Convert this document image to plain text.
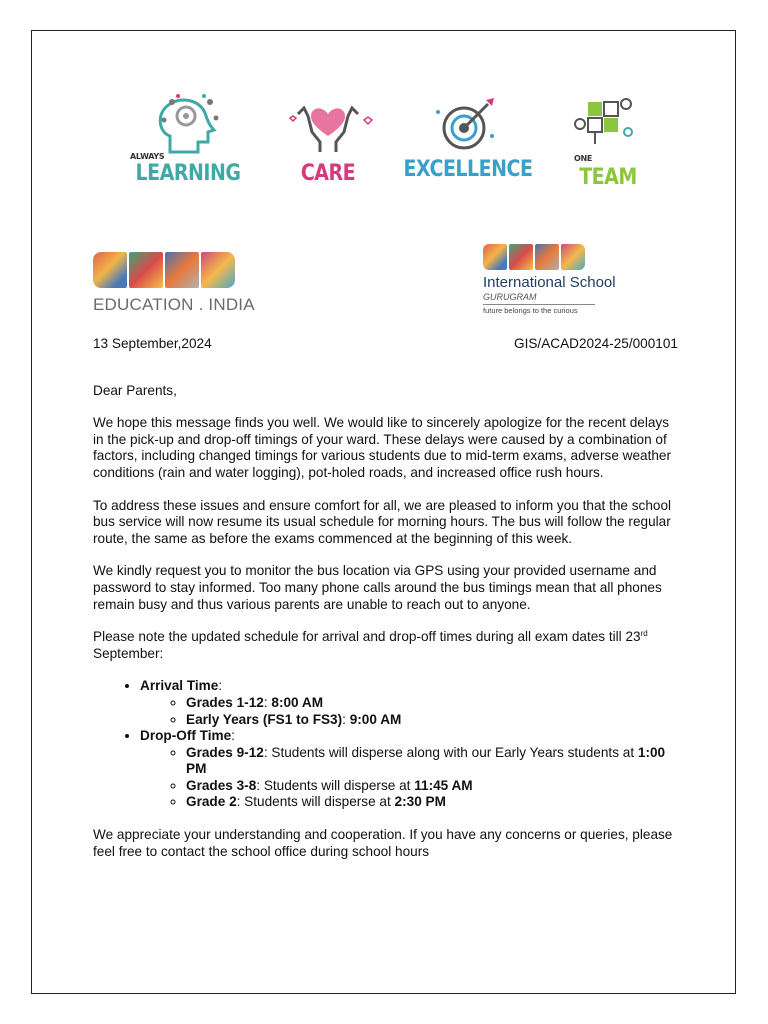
ALWAYS
LEARNING	CARE	EXCELLENCE	ONE
TEAM
EDUCATION . INDIA
International School
GURUGRAM
future belongs to the curious
13 September,2024	GIS/ACAD2024-25/000101

Dear Parents,

We hope this message finds you well. We would like to sincerely apologize for the recent delays in the pick-up and drop-off timings of your ward. These delays were caused by a combination of factors, including changed timings for various students due to mid-term exams, adverse weather conditions (rain and water logging), pot-holed roads, and increased office rush hours.

To address these issues and ensure comfort for all, we are pleased to inform you that the school bus service will now resume its usual schedule for morning hours. The bus will follow the regular route, the same as before the exams commenced at the beginning of this week.

We kindly request you to monitor the bus location via GPS using your provided username and password to stay informed. Too many phone calls around the bus timings mean that all phones remain busy and thus various parents are unable to reach out to anyone.

Please note the updated schedule for arrival and drop-off times during all exam dates till 23rd September:

• Arrival Time:
◦ Grades 1-12: 8:00 AM
◦ Early Years (FS1 to FS3): 9:00 AM
• Drop-Off Time:
◦ Grades 9-12: Students will disperse along with our Early Years students at 1:00 PM
◦ Grades 3-8: Students will disperse at 11:45 AM
◦ Grade 2: Students will disperse at 2:30 PM

We appreciate your understanding and cooperation. If you have any concerns or queries, please feel free to contact the school office during school hours
